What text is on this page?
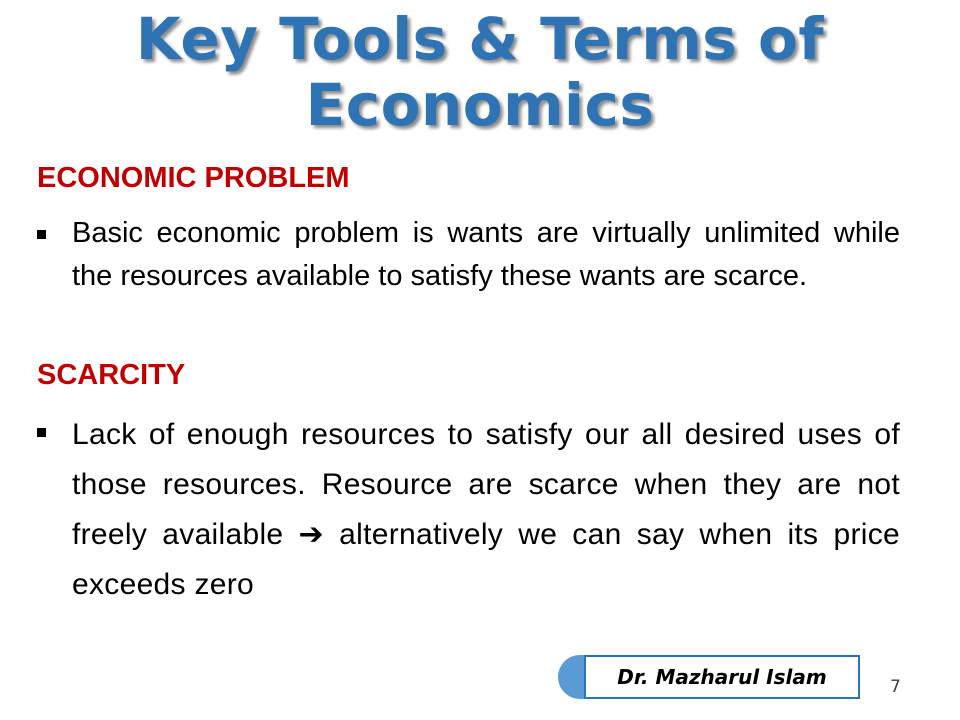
Key Tools & Terms of Economics
ECONOMIC PROBLEM
Basic economic problem is wants are virtually unlimited while the resources available to satisfy these wants are scarce.
SCARCITY
Lack of enough resources to satisfy our all desired uses of those resources. Resource are scarce when they are not freely available ➔ alternatively we can say when its price exceeds zero
Dr. Mazharul Islam	7
